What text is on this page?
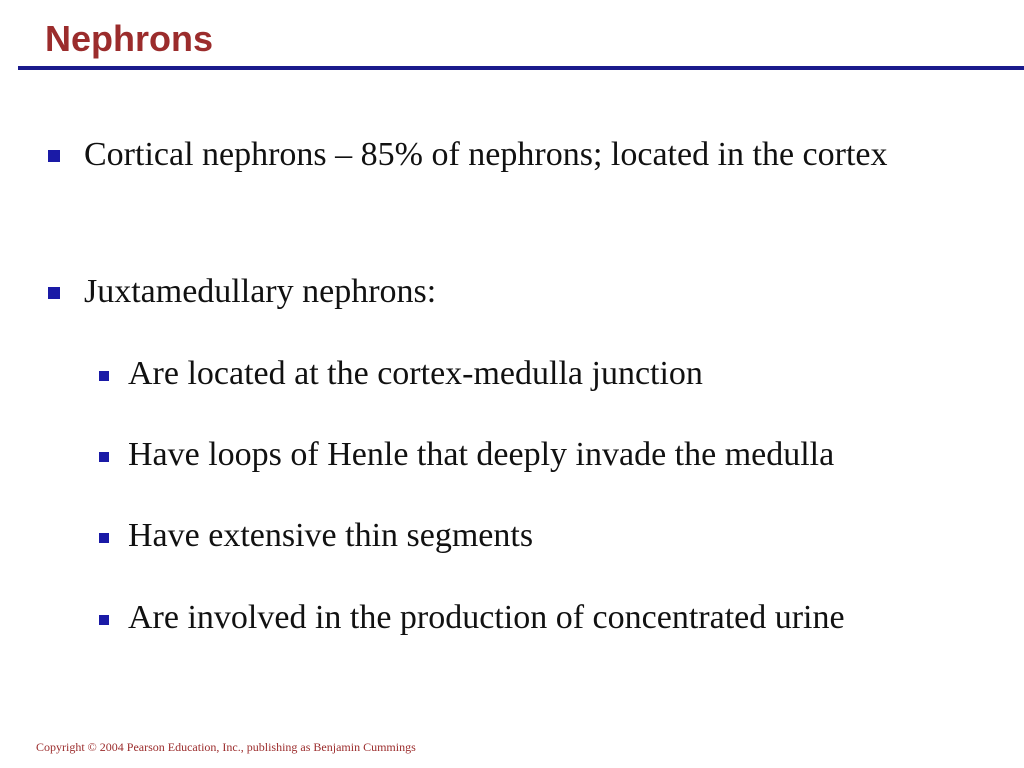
Nephrons
Cortical nephrons – 85% of nephrons; located in the cortex
Juxtamedullary nephrons:
Are located at the cortex-medulla junction
Have loops of Henle that deeply invade the medulla
Have extensive thin segments
Are involved in the production of concentrated urine

Copyright © 2004 Pearson Education, Inc., publishing as Benjamin Cummings
